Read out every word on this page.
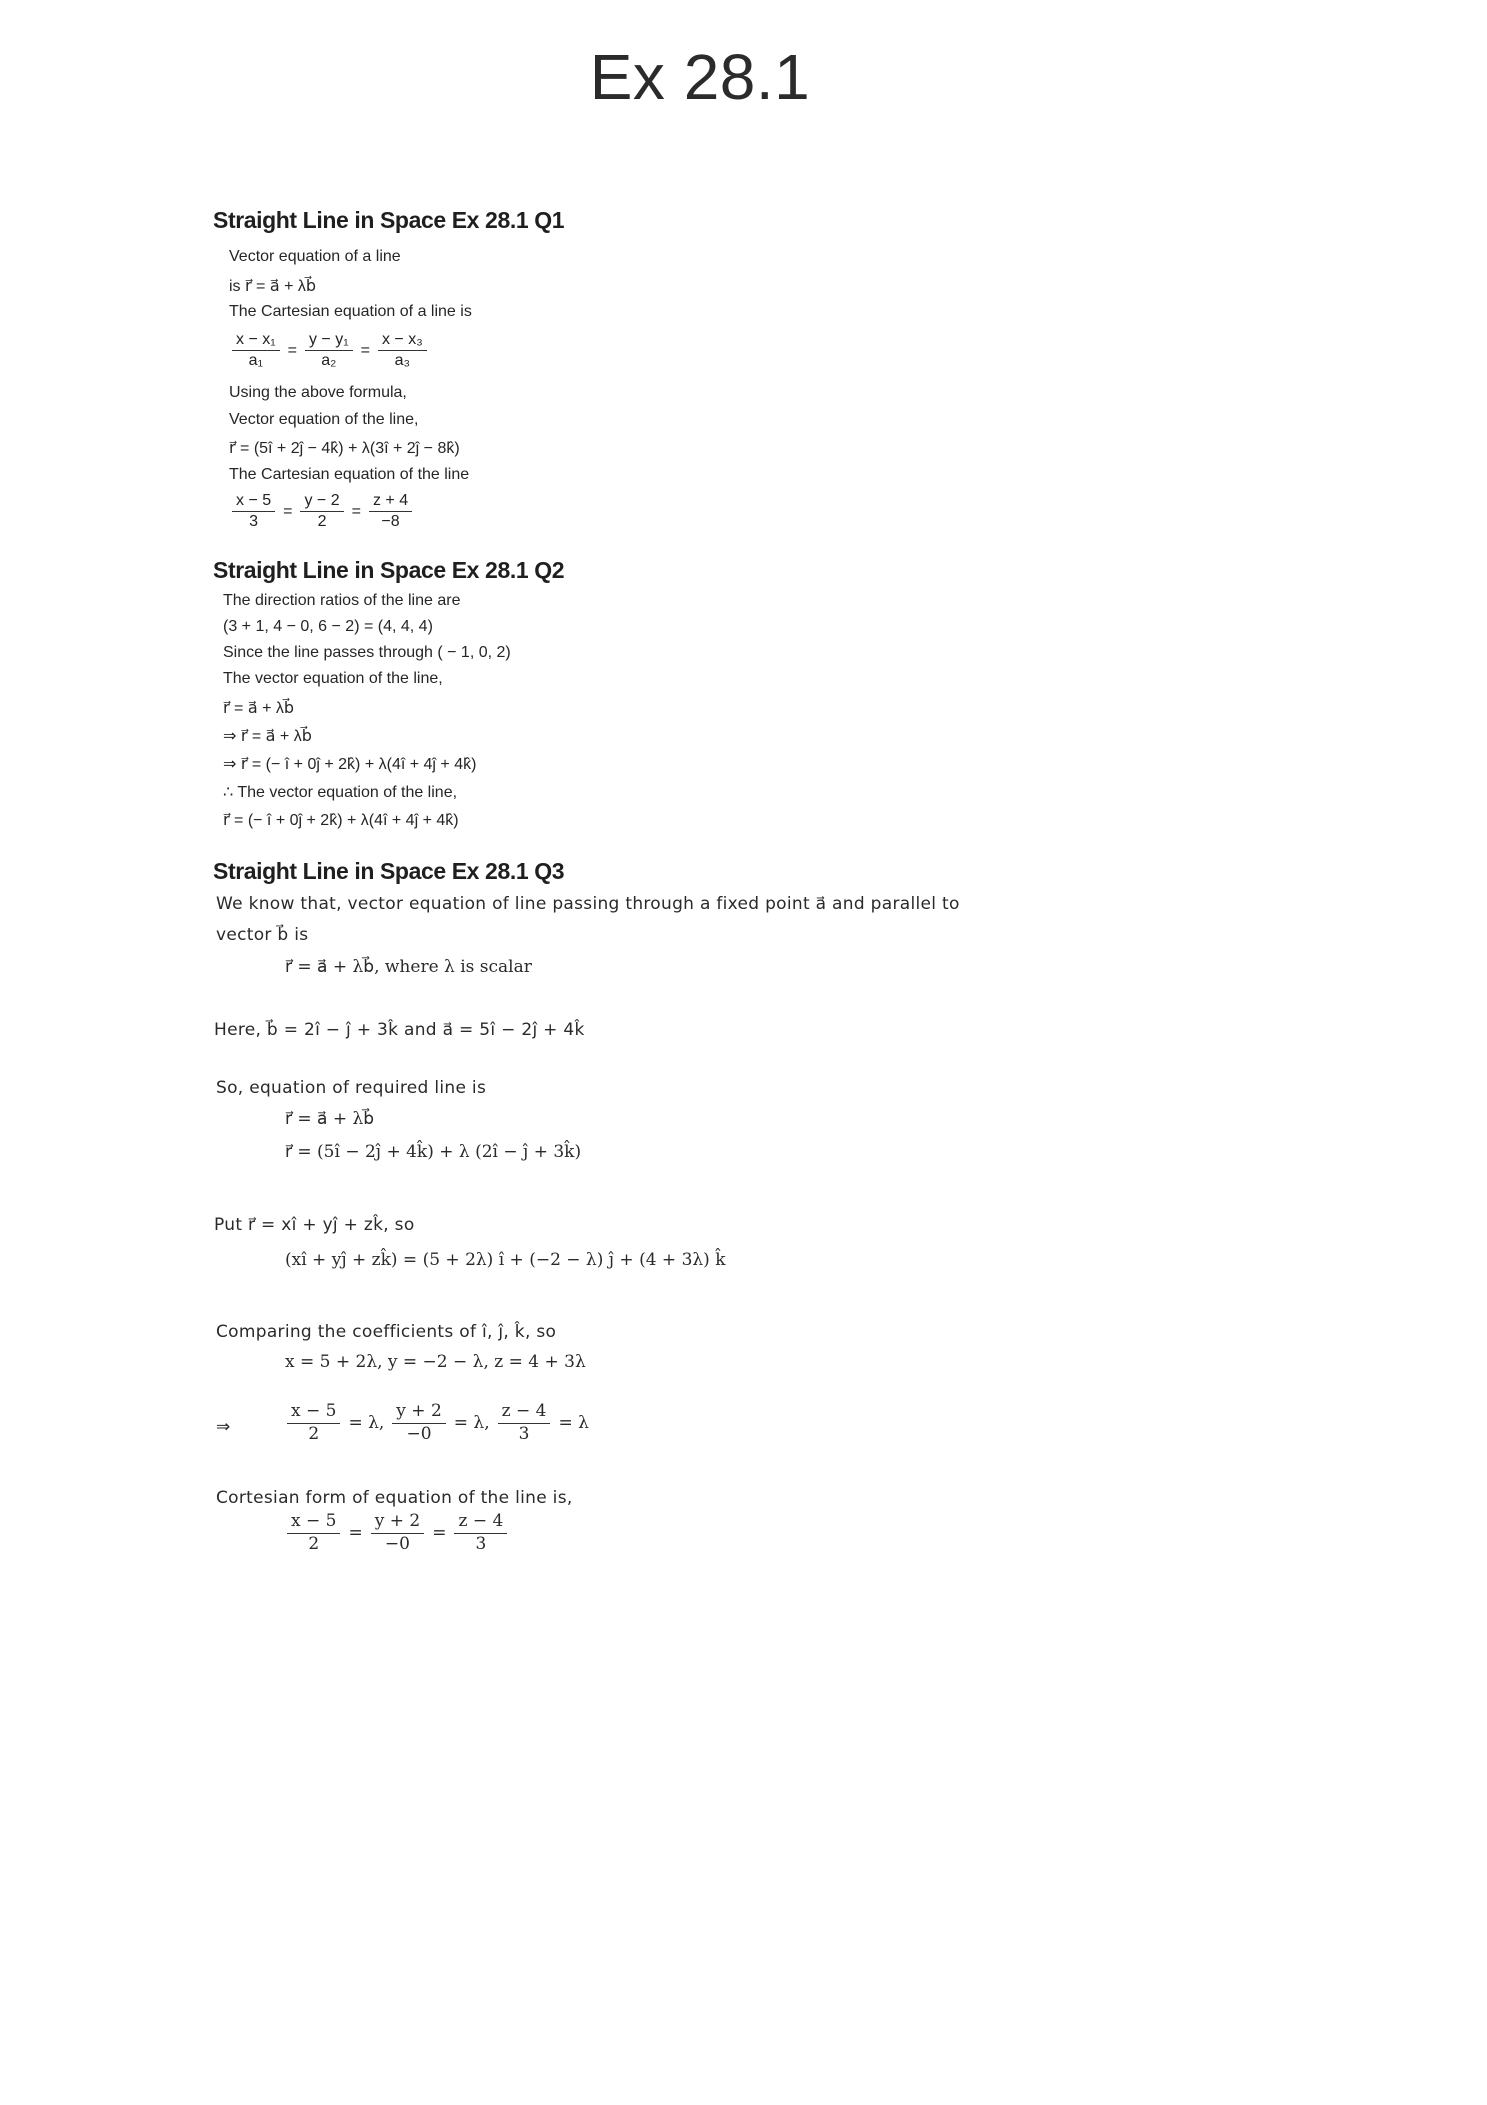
Ex 28.1
Straight Line in Space Ex 28.1 Q1
Vector equation of a line
is r⃗ = a⃗ + λb⃗
The Cartesian equation of a line is
$\frac{\text{x − x₁}}{\text{a₁}} = \frac{\text{y − y₁}}{\text{a₂}} = \frac{\text{x − x₃}}{\text{a₃}}$
Using the above formula,
Vector equation of the line,
r⃗ = (5î + 2ĵ − 4k̂) + λ(3î + 2ĵ − 8k̂)
The Cartesian equation of the line
$\frac{x - 5}{3} = \frac{y - 2}{2} = \frac{z + 4}{-8}$
Straight Line in Space Ex 28.1 Q2
The direction ratios of the line are
(3 + 1, 4 − 0, 6 − 2) = (4, 4, 4)
Since the line passes through ( − 1, 0, 2)
The vector equation of the line,
r⃗ = a⃗ + λb⃗
⇒ r⃗ = a⃗ + λb⃗
⇒ r⃗ = (− î + 0ĵ + 2k̂) + λ(4î + 4ĵ + 4k̂)
∴ The vector equation of the line,
r⃗ = (− î + 0ĵ + 2k̂) + λ(4î + 4ĵ + 4k̂)
Straight Line in Space Ex 28.1 Q3
We know that, vector equation of line passing through a fixed point a⃗ and parallel to
vector b⃗ is
r⃗ = a⃗ + λb⃗, where λ is scalar
Here, b⃗ = 2î − ĵ + 3k̂ and a⃗ = 5î − 2ĵ + 4k̂
So, equation of required line is
r⃗ = a⃗ + λb⃗
r⃗ = (5î − 2ĵ + 4k̂) + λ (2î − ĵ + 3k̂)
Put r⃗ = xî + yĵ + zk̂, so
(xî + yĵ + zk̂) = (5 + 2λ) î + (−2 − λ) ĵ + (4 + 3λ) k̂
Comparing the coefficients of î, ĵ, k̂, so
x = 5 + 2λ, y = −2 − λ, z = 4 + 3λ
⇒	$\frac{x - 5}{2} = \lambda$, $\frac{y + 2}{-0} = \lambda$, $\frac{z - 4}{3} = \lambda$
Cortesian form of equation of the line is,
$\frac{x - 5}{2} = \frac{y + 2}{-0} = \frac{z - 4}{3}$
